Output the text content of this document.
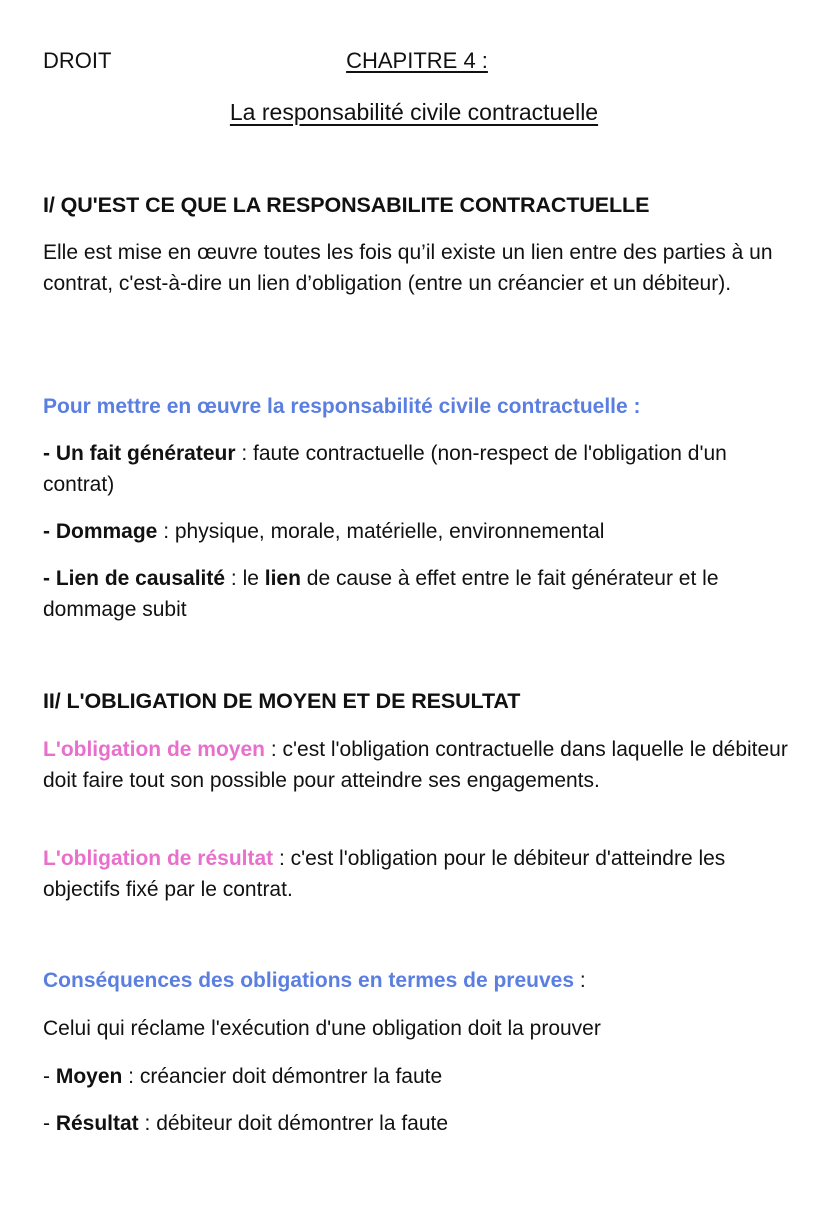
DROIT	CHAPITRE 4 :
La responsabilité civile contractuelle

I/ QU'EST CE QUE LA RESPONSABILITE CONTRACTUELLE

Elle est mise en œuvre toutes les fois qu’il existe un lien entre des parties à un contrat, c'est-à-dire un lien d’obligation (entre un créancier et un débiteur).

Pour mettre en œuvre la responsabilité civile contractuelle :

- Un fait générateur : faute contractuelle (non-respect de l'obligation d'un contrat)

- Dommage : physique, morale, matérielle, environnemental

- Lien de causalité : le lien de cause à effet entre le fait générateur et le dommage subit

II/ L'OBLIGATION DE MOYEN ET DE RESULTAT

L'obligation de moyen : c'est l'obligation contractuelle dans laquelle le débiteur doit faire tout son possible pour atteindre ses engagements.

L'obligation de résultat : c'est l'obligation pour le débiteur d'atteindre les objectifs fixé par le contrat.

Conséquences des obligations en termes de preuves :

Celui qui réclame l'exécution d'une obligation doit la prouver

- Moyen : créancier doit démontrer la faute

- Résultat : débiteur doit démontrer la faute
